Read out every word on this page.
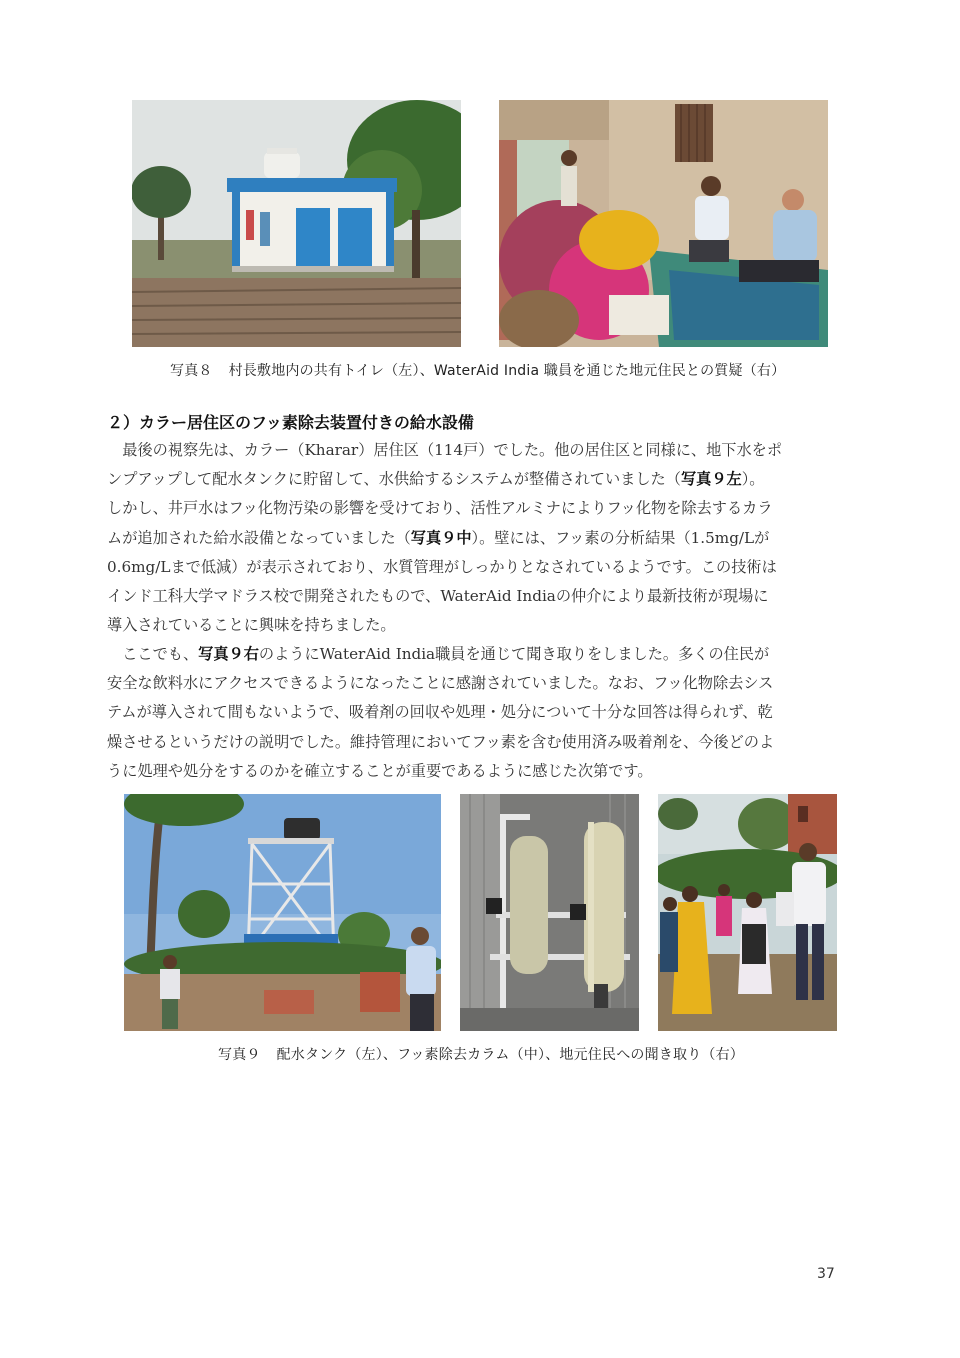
写真８ 村長敷地内の共有トイレ（左）、WaterAid India 職員を通じた地元住民との質疑（右）
２）カラー居住区のフッ素除去装置付きの給水設備
　最後の視察先は、カラー（Kharar）居住区（114戸）でした。他の居住区と同様に、地下水をポ
ンプアップして配水タンクに貯留して、水供給するシステムが整備されていました（写真９左）。
しかし、井戸水はフッ化物汚染の影響を受けており、活性アルミナによりフッ化物を除去するカラ
ムが追加された給水設備となっていました（写真９中）。壁には、フッ素の分析結果（1.5mg/Lが
0.6mg/Lまで低減）が表示されており、水質管理がしっかりとなされているようです。この技術は
インド工科大学マドラス校で開発されたもので、WaterAid Indiaの仲介により最新技術が現場に
導入されていることに興味を持ちました。
　ここでも、写真９右のようにWaterAid India職員を通じて聞き取りをしました。多くの住民が
安全な飲料水にアクセスできるようになったことに感謝されていました。なお、フッ化物除去シス
テムが導入されて間もないようで、吸着剤の回収や処理・処分について十分な回答は得られず、乾
燥させるというだけの説明でした。維持管理においてフッ素を含む使用済み吸着剤を、今後どのよ
うに処理や処分をするのかを確立することが重要であるように感じた次第です。
写真９ 配水タンク（左）、フッ素除去カラム（中）、地元住民への聞き取り（右）
37
